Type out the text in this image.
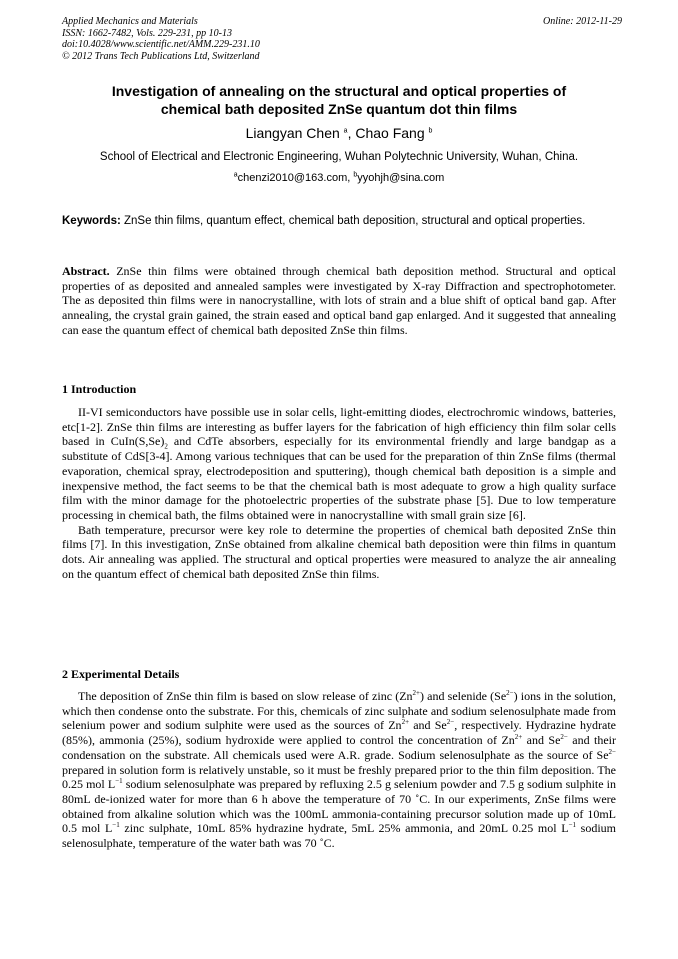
Applied Mechanics and Materials	Online: 2012-11-29
ISSN: 1662-7482, Vols. 229-231, pp 10-13
doi:10.4028/www.scientific.net/AMM.229-231.10
© 2012 Trans Tech Publications Ltd, Switzerland
Investigation of annealing on the structural and optical properties of
chemical bath deposited ZnSe quantum dot thin films
Liangyan Chen $^a$, Chao Fang $^b$
School of Electrical and Electronic Engineering, Wuhan Polytechnic University, Wuhan, China.
$^a$chenzi2010@163.com, $^b$yyohjh@sina.com
Keywords: ZnSe thin films, quantum effect, chemical bath deposition, structural and optical properties.
Abstract. ZnSe thin films were obtained through chemical bath deposition method. Structural and optical properties of as deposited and annealed samples were investigated by X-ray Diffraction and spectrophotometer. The as deposited thin films were in nanocrystalline, with lots of strain and a blue shift of optical band gap. After annealing, the crystal grain gained, the strain eased and optical band gap enlarged. And it suggested that annealing can ease the quantum effect of chemical bath deposited ZnSe thin films.
1 Introduction

II-VI semiconductors have possible use in solar cells, light-emitting diodes, electrochromic windows, batteries, etc[1-2]. ZnSe thin films are interesting as buffer layers for the fabrication of high efficiency thin film solar cells based in $CuIn(S,Se)_2$ and CdTe absorbers, especially for its environmental friendly and large bandgap as a substitute of CdS[3-4]. Among various techniques that can be used for the preparation of thin ZnSe films (thermal evaporation, chemical spray, electrodeposition and sputtering), though chemical bath deposition is a simple and inexpensive method, the fact seems to be that the chemical bath is most adequate to grow a high quality surface film with the minor damage for the photoelectric properties of the substrate phase [5]. Due to low temperature processing in chemical bath, the films obtained were in nanocrystalline with small grain size [6].

Bath temperature, precursor were key role to determine the properties of chemical bath deposited ZnSe thin films [7]. In this investigation, ZnSe obtained from alkaline chemical bath deposition were thin films in quantum dots. Air annealing was applied. The structural and optical properties were measured to analyze the air annealing on the quantum effect of chemical bath deposited ZnSe thin films.

2 Experimental Details

The deposition of ZnSe thin film is based on slow release of zinc $(Zn^{2+})$ and selenide $(Se^{2-})$ ions in the solution, which then condense onto the substrate. For this, chemicals of zinc sulphate and sodium selenosulphate made from selenium power and sodium sulphite were used as the sources of $Zn^{2+}$ and $Se^{2-}$, respectively. Hydrazine hydrate (85%), ammonia (25%), sodium hydroxide were applied to control the concentration of $Zn^{2+}$ and $Se^{2-}$ and their condensation on the substrate. All chemicals used were A.R. grade. Sodium selenosulphate as the source of $Se^{2-}$ prepared in solution form is relatively unstable, so it must be freshly prepared prior to the thin film deposition. The 0.25 mol $L^{-1}$ sodium selenosulphate was prepared by refluxing 2.5 g selenium powder and 7.5 g sodium sulphite in 80mL de-ionized water for more than 6 h above the temperature of 70 ˚C. In our experiments, ZnSe films were obtained from alkaline solution which was the 100mL ammonia-containing precursor solution made up of 10mL 0.5 mol $L^{-1}$ zinc sulphate, 10mL 85% hydrazine hydrate, 5mL 25% ammonia, and 20mL 0.25 mol $L^{-1}$ sodium selenosulphate, temperature of the water bath was 70 ˚C.
